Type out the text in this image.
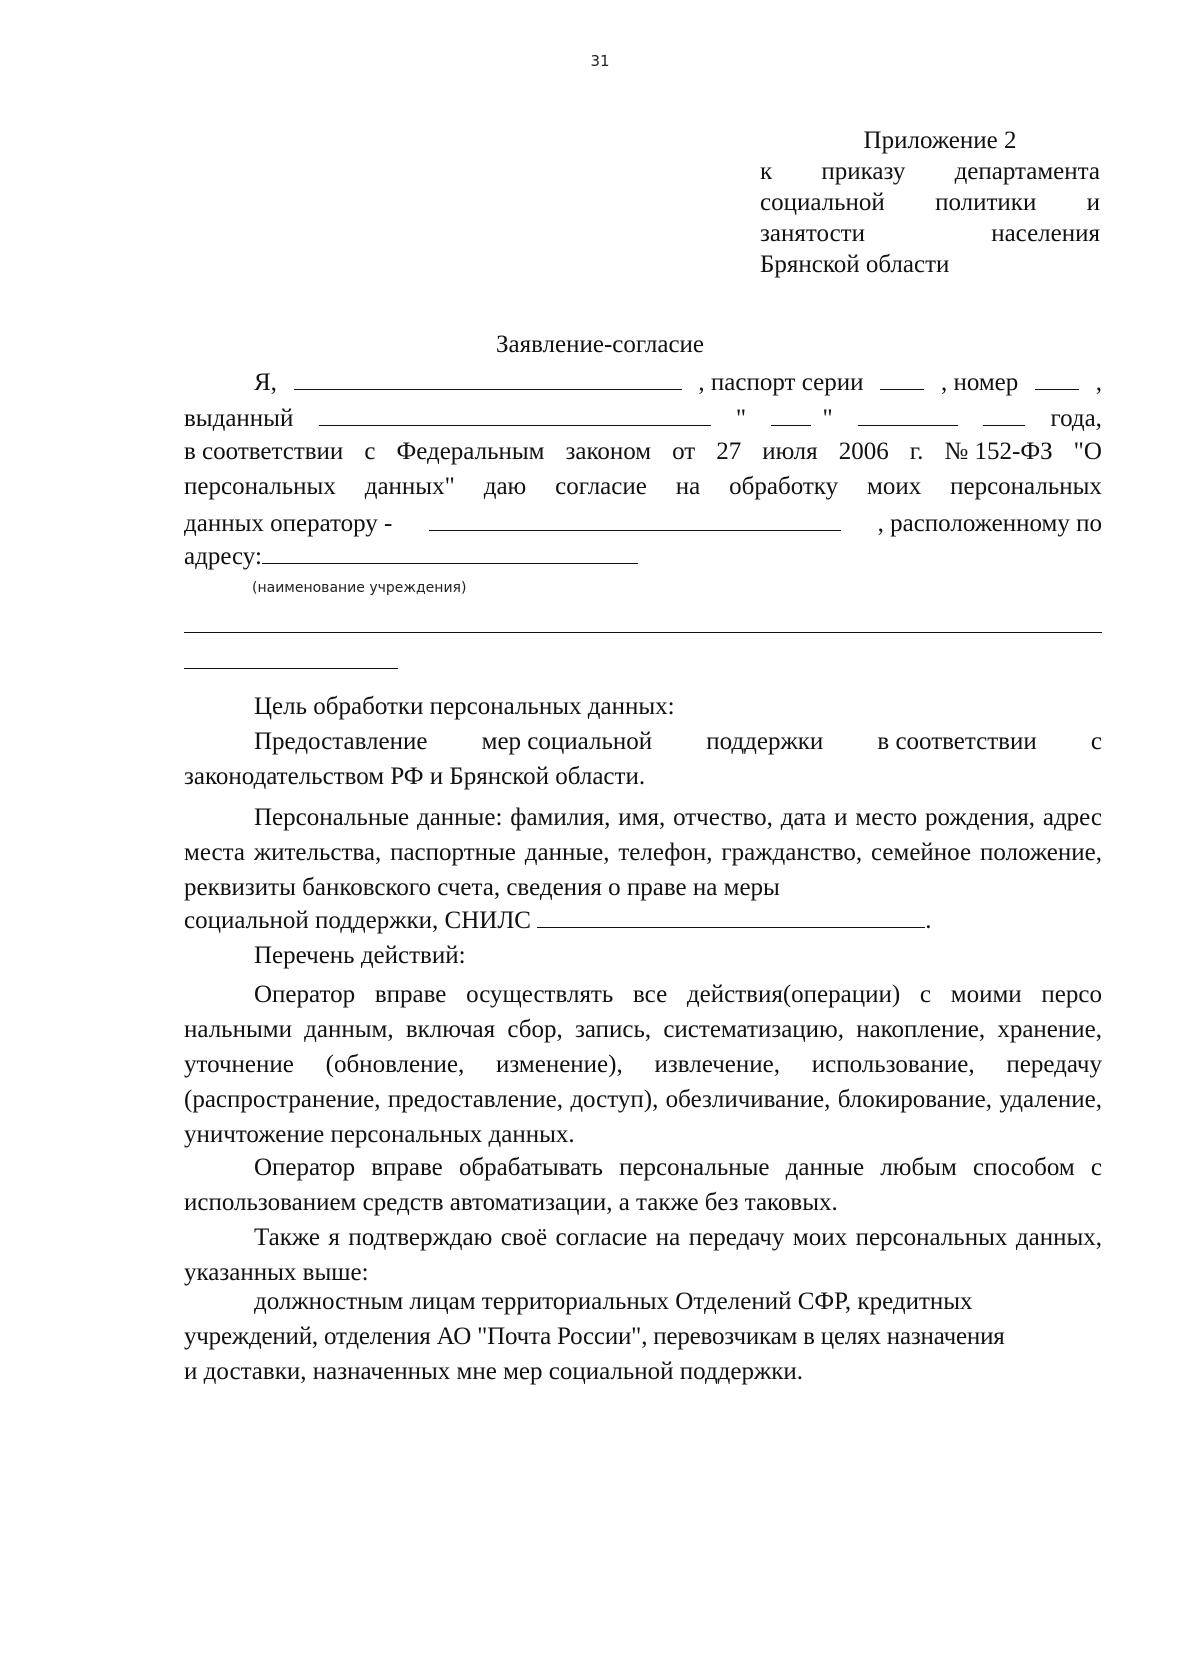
31
Приложение 2
к приказу департамента
социальной политики и
занятости	населения
Брянской области
Заявление-согласие
Я,	, паспорт серии	, номер	,
выданный	"	"	года,
в соответствии с Федеральным законом от 27 июля 2006 г. № 152-ФЗ "О
персональных данных" даю согласие на обработку моих персональных
данных оператору -	, расположенному по
адресу:
(наименование учреждения)
Цель обработки персональных данных:
Предоставление мер социальной поддержки в соответствии с
законодательством РФ и Брянской области.

Персональные данные: фамилия, имя, отчество, дата и место рождения, адрес места жительства, паспортные данные, телефон, гражданство, семейное положение, реквизиты банковского счета, сведения о праве на меры

социальной поддержки, СНИЛС	.
Перечень действий:

Оператор вправе осуществлять все действия(операции) с моими персо нальными данным, включая сбор, запись, систематизацию, накопление, хранение, уточнение (обновление, изменение), извлечение, использование, передачу (распространение, предоставление, доступ), обезличивание, блокирование, удаление, уничтожение персональных данных.

Оператор вправе обрабатывать персональные данные любым способом с использованием средств автоматизации, а также без таковых.

Также я подтверждаю своё согласие на передачу моих персональных данных, указанных выше:

должностным лицам территориальных Отделений СФР, кредитных
учреждений, отделения АО "Почта России", перевозчикам в целях назначения
и доставки, назначенных мне мер социальной поддержки.
